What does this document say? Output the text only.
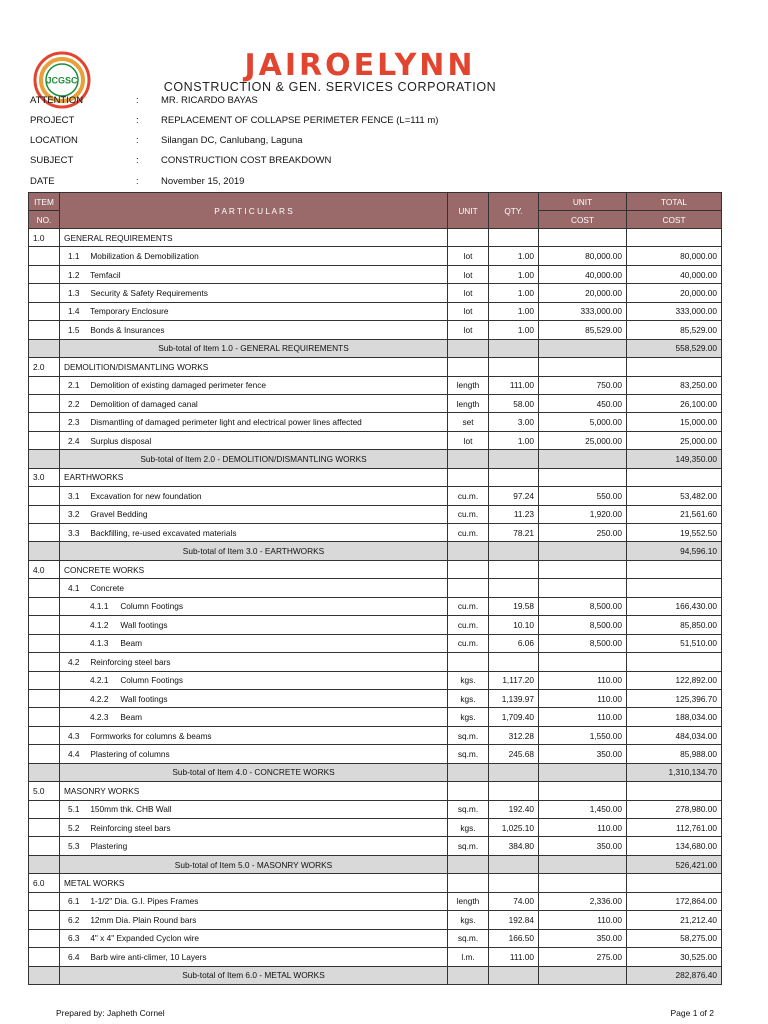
JCGSC	JAIROELYNN
CONSTRUCTION & GEN. SERVICES CORPORATION
ATTENTION	: MR. RICARDO BAYAS
PROJECT	: REPLACEMENT OF COLLAPSE PERIMETER FENCE (L=111 m)
LOCATION	: Silangan DC, Canlubang, Laguna
SUBJECT	: CONSTRUCTION COST BREAKDOWN
DATE	: November 15, 2019
ITEM	P A R T I C U L A R S	UNIT	QTY.	UNIT	TOTAL
NO.				COST	COST
1.0	GENERAL REQUIREMENTS				
	1.1 Mobilization & Demobilization	lot	1.00	80,000.00	80,000.00
	1.2 Temfacil	lot	1.00	40,000.00	40,000.00
	1.3 Security & Safety Requirements	lot	1.00	20,000.00	20,000.00
	1.4 Temporary Enclosure	lot	1.00	333,000.00	333,000.00
	1.5 Bonds & Insurances	lot	1.00	85,529.00	85,529.00
	Sub-total of Item 1.0 - GENERAL REQUIREMENTS				558,529.00
2.0	DEMOLITION/DISMANTLING WORKS				
	2.1 Demolition of existing damaged perimeter fence	length	111.00	750.00	83,250.00
	2.2 Demolition of damaged canal	length	58.00	450.00	26,100.00
	2.3 Dismantling of damaged perimeter light and electrical power lines affected	set	3.00	5,000.00	15,000.00
	2.4 Surplus disposal	lot	1.00	25,000.00	25,000.00
	Sub-total of Item 2.0 - DEMOLITION/DISMANTLING WORKS				149,350.00
3.0	EARTHWORKS				
	3.1 Excavation for new foundation	cu.m.	97.24	550.00	53,482.00
	3.2 Gravel Bedding	cu.m.	11.23	1,920.00	21,561.60
	3.3 Backfilling, re-used excavated materials	cu.m.	78.21	250.00	19,552.50
	Sub-total of Item 3.0 - EARTHWORKS				94,596.10
4.0	CONCRETE WORKS				
	4.1 Concrete				
	4.1.1 Column Footings	cu.m.	19.58	8,500.00	166,430.00
	4.1.2 Wall footings	cu.m.	10.10	8,500.00	85,850.00
	4.1.3 Beam	cu.m.	6.06	8,500.00	51,510.00
	4.2 Reinforcing steel bars				
	4.2.1 Column Footings	kgs.	1,117.20	110.00	122,892.00
	4.2.2 Wall footings	kgs.	1,139.97	110.00	125,396.70
	4.2.3 Beam	kgs.	1,709.40	110.00	188,034.00
	4.3 Formworks for columns & beams	sq.m.	312.28	1,550.00	484,034.00
	4.4 Plastering of columns	sq.m.	245.68	350.00	85,988.00
	Sub-total of Item 4.0 - CONCRETE WORKS				1,310,134.70
5.0	MASONRY WORKS				
	5.1 150mm thk. CHB Wall	sq.m.	192.40	1,450.00	278,980.00
	5.2 Reinforcing steel bars	kgs.	1,025.10	110.00	112,761.00
	5.3 Plastering	sq.m.	384.80	350.00	134,680.00
	Sub-total of Item 5.0 - MASONRY WORKS				526,421.00
6.0	METAL WORKS				
	6.1 1-1/2" Dia. G.I. Pipes Frames	length	74.00	2,336.00	172,864.00
	6.2 12mm Dia. Plain Round bars	kgs.	192.84	110.00	21,212.40
	6.3 4" x 4" Expanded Cyclon wire	sq.m.	166.50	350.00	58,275.00
	6.4 Barb wire anti-climer, 10 Layers	l.m.	111.00	275.00	30,525.00
	Sub-total of Item 6.0 - METAL WORKS				282,876.40
Prepared by: Japheth Cornel	Page 1 of 2
